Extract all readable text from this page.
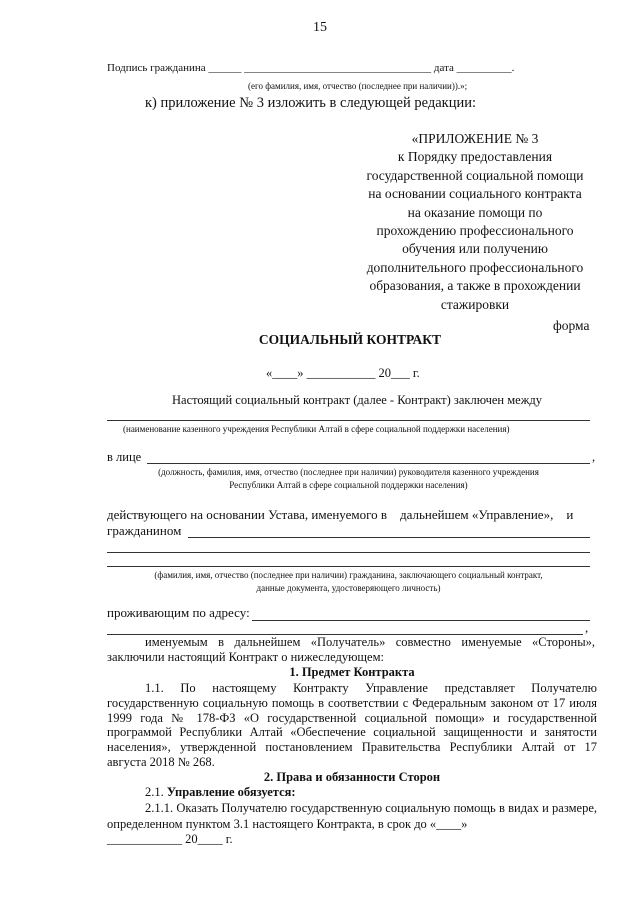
15
Подпись гражданина ______ __________________________________ дата __________.
(его фамилия, имя, отчество (последнее при наличии)).»;
к) приложение № 3 изложить в следующей редакции:
«ПРИЛОЖЕНИЕ № 3
к Порядку предоставления
государственной социальной помощи
на основании социального контракта
на оказание помощи по
прохождению профессионального
обучения или получению
дополнительного профессионального
образования, а также в прохождении
стажировки
форма
СОЦИАЛЬНЫЙ КОНТРАКТ
«____» ___________ 20___ г.
Настоящий социальный контракт (далее - Контракт) заключен между
(наименование казенного учреждения Республики Алтай в сфере социальной поддержки населения)
в лице	,
(должность, фамилия, имя, отчество (последнее при наличии) руководителя казенного учреждения
Республики Алтай в сфере социальной поддержки населения)
действующего на основании Устава, именуемого в    дальнейшем «Управление»,    и
гражданином
(фамилия, имя, отчество (последнее при наличии) гражданина, заключающего социальный контракт,
данные документа, удостоверяющего личность)
проживающим по адресу:
,
именуемым в дальнейшем «Получатель» совместно именуемые «Стороны»,
заключили настоящий Контракт о нижеследующем:
1. Предмет Контракта
1.1. По настоящему Контракту Управление представляет Получателю государственную социальную помощь в соответствии с Федеральным законом от 17 июля 1999 года № 178-ФЗ «О государственной социальной помощи» и государственной программой Республики Алтай «Обеспечение социальной защищенности и занятости населения», утвержденной постановлением Правительства Республики Алтай от 17 августа 2018 № 268.
2. Права и обязанности Сторон
2.1. Управление обязуется:
2.1.1. Оказать Получателю государственную социальную помощь в видах и размере, определенном пунктом 3.1 настоящего Контракта, в срок до «____»
____________ 20____ г.
